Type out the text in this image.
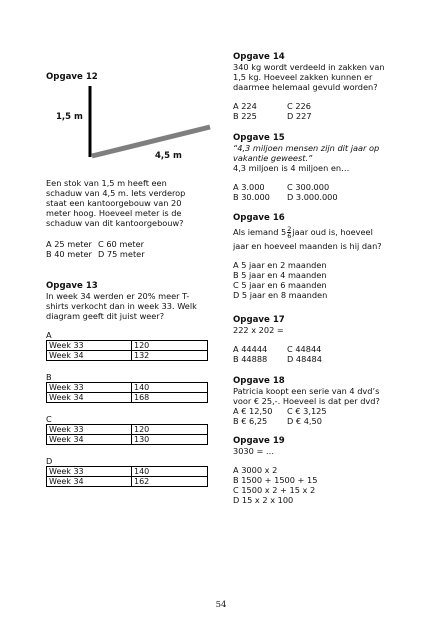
Opgave 12
1,5 m
4,5 m
Een stok van 1,5 m heeft een
schaduw van 4,5 m. Iets verderop
staat een kantoorgebouw van 20
meter hoog. Hoeveel meter is de
schaduw van dit kantoorgebouw?
A 25 meter C 60 meter
B 40 meter D 75 meter
Opgave 13
In week 34 werden er 20% meer T-
shirts verkocht dan in week 33. Welk
diagram geeft dit juist weer?
A
Week 33	120
Week 34	132
B
Week 33	140
Week 34	168
C
Week 33	120
Week 34	130
D
Week 33	140
Week 34	162
Opgave 14
340 kg wordt verdeeld in zakken van
1,5 kg. Hoeveel zakken kunnen er
daarmee helemaal gevuld worden?
A 224	C 226
B 225	D 227
Opgave 15
“4,3 miljoen mensen zijn dit jaar op
vakantie geweest.”
4,3 miljoen is 4 miljoen en…
A 3.000	C 300.000
B 30.000	D 3.000.000
Opgave 16
Als iemand $5 \frac{2}{6}$ jaar oud is, hoeveel
jaar en hoeveel maanden is hij dan?
A 5 jaar en 2 maanden
B 5 jaar en 4 maanden
C 5 jaar en 6 maanden
D 5 jaar en 8 maanden
Opgave 17
222 x 202 =
A 44444	C 44844
B 44888	D 48484
Opgave 18
Patricia koopt een serie van 4 dvd’s
voor € 25,-. Hoeveel is dat per dvd?
A € 12,50	C € 3,125
B € 6,25	D € 4,50
Opgave 19
3030 = …
A 3000 x 2
B 1500 + 1500 + 15
C 1500 x 2 + 15 x 2
D 15 x 2 x 100
54
